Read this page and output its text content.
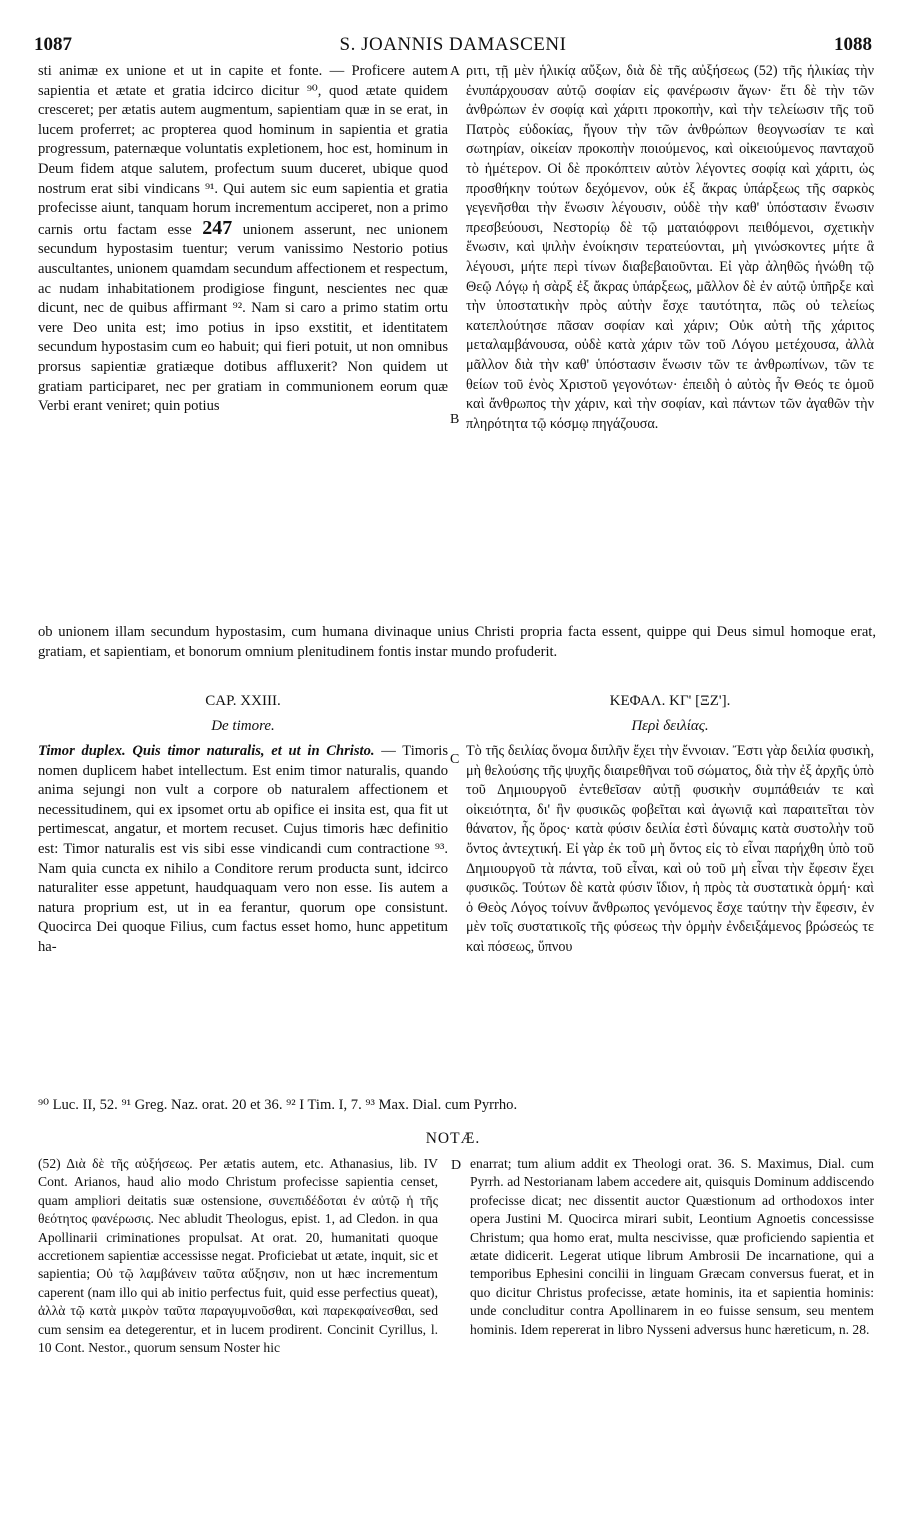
1087	S. JOANNIS DAMASCENI	1088
A
B
C
D

sti animæ ex unione et ut in capite et fonte. — Proficere autem sapientia et ætate et gratia idcirco dicitur ⁹⁰, quod ætate quidem cresceret; per ætatis autem augmentum, sapientiam quæ in se erat, in lucem proferret; ac propterea quod hominum in sapientia et gratia progressum, paternæque voluntatis expletionem, hoc est, hominum in Deum fidem atque salutem, profectum suum duceret, ubique quod nostrum erat sibi vindicans ⁹¹. Qui autem sic eum sapientia et gratia profecisse aiunt, tanquam horum incrementum acciperet, non a primo carnis ortu factam esse 247 unionem asserunt, nec unionem secundum hypostasim tuentur; verum vanissimo Nestorio potius auscultantes, unionem quamdam secundum affectionem et respectum, ac nudam inhabitationem prodigiose fingunt, nescientes nec quæ dicunt, nec de quibus affirmant ⁹². Nam si caro a primo statim ortu vere Deo unita est; imo potius in ipso exstitit, et identitatem secundum hypostasim cum eo habuit; qui fieri potuit, ut non omnibus prorsus sapientiæ gratiæque dotibus affluxerit? Non quidem ut gratiam participaret, nec per gratiam in communionem eorum quæ Verbi erant veniret; quin potius

ριτι, τῇ μὲν ἡλικίᾳ αὔξων, διὰ δὲ τῆς αὐξήσεως (52) τῆς ἡλικίας τὴν ἐνυπάρχουσαν αὐτῷ σοφίαν εἰς φανέρωσιν ἄγων· ἔτι δὲ τὴν τῶν ἀνθρώπων ἐν σοφίᾳ καὶ χάριτι προκοπὴν, καὶ τὴν τελείωσιν τῆς τοῦ Πατρὸς εὐδοκίας, ἤγουν τὴν τῶν ἀνθρώπων θεογνωσίαν τε καὶ σωτηρίαν, οἰκείαν προκοπὴν ποιούμενος, καὶ οἰκειούμενος πανταχοῦ τὸ ἡμέτερον. Οἱ δὲ προκόπτειν αὐτὸν λέγοντες σοφίᾳ καὶ χάριτι, ὡς προσθήκην τούτων δεχόμενον, οὐκ ἐξ ἄκρας ὑπάρξεως τῆς σαρκὸς γεγενῆσθαι τὴν ἕνωσιν λέγουσιν, οὐδὲ τὴν καθ' ὑπόστασιν ἕνωσιν πρεσβεύουσι, Νεστορίῳ δὲ τῷ ματαιόφρονι πειθόμενοι, σχετικὴν ἕνωσιν, καὶ ψιλὴν ἐνοίκησιν τερατεύονται, μὴ γινώσκοντες μήτε ἃ λέγουσι, μήτε περὶ τίνων διαβεβαιοῦνται. Εἰ γὰρ ἀληθῶς ἡνώθη τῷ Θεῷ Λόγῳ ἡ σὰρξ ἐξ ἄκρας ὑπάρξεως, μᾶλλον δὲ ἐν αὐτῷ ὑπῆρξε καὶ τὴν ὑποστατικὴν πρὸς αὐτὴν ἔσχε ταυτότητα, πῶς οὐ τελείως κατεπλούτησε πᾶσαν σοφίαν καὶ χάριν; Οὐκ αὐτὴ τῆς χάριτος μεταλαμβάνουσα, οὐδὲ κατὰ χάριν τῶν τοῦ Λόγου μετέχουσα, ἀλλὰ μᾶλλον διὰ τὴν καθ' ὑπόστασιν ἕνωσιν τῶν τε ἀνθρωπίνων, τῶν τε θείων τοῦ ἑνὸς Χριστοῦ γεγονότων· ἐπειδὴ ὁ αὐτὸς ἦν Θεός τε ὁμοῦ καὶ ἄνθρωπος τὴν χάριν, καὶ τὴν σοφίαν, καὶ πάντων τῶν ἀγαθῶν τὴν πληρότητα τῷ κόσμῳ πηγάζουσα.

ob unionem illam secundum hypostasim, cum humana divinaque unius Christi propria facta essent, quippe qui Deus simul homoque erat, gratiam, et sapientiam, et bonorum omnium plenitudinem fontis instar mundo profuderit.
CAP. XXIII.
De timore.
ΚΕΦΑΛ. ΚΓ' [ΞΖ'].
Περὶ δειλίας.

Timor duplex. Quis timor naturalis, et ut in Christo. — Timoris nomen duplicem habet intellectum. Est enim timor naturalis, quando anima sejungi non vult a corpore ob naturalem affectionem et necessitudinem, qui ex ipsomet ortu ab opifice ei insita est, qua fit ut pertimescat, angatur, et mortem recuset. Cujus timoris hæc definitio est: Timor naturalis est vis sibi esse vindicandi cum contractione ⁹³. Nam quia cuncta ex nihilo a Conditore rerum producta sunt, idcirco naturaliter esse appetunt, haudquaquam vero non esse. Iis autem a natura proprium est, ut in ea ferantur, quorum ope consistunt. Quocirca Dei quoque Filius, cum factus esset homo, hunc appetitum ha-

Τὸ τῆς δειλίας ὄνομα διπλῆν ἔχει τὴν ἔννοιαν. Ἔστι γὰρ δειλία φυσικὴ, μὴ θελούσης τῆς ψυχῆς διαιρεθῆναι τοῦ σώματος, διὰ τὴν ἐξ ἀρχῆς ὑπὸ τοῦ Δημιουργοῦ ἐντεθεῖσαν αὐτῇ φυσικὴν συμπάθειάν τε καὶ οἰκειότητα, δι' ἣν φυσικῶς φοβεῖται καὶ ἀγωνιᾷ καὶ παραιτεῖται τὸν θάνατον, ἧς ὅρος· κατὰ φύσιν δειλία ἐστὶ δύναμις κατὰ συστολὴν τοῦ ὄντος ἀντεχτική. Εἰ γὰρ ἐκ τοῦ μὴ ὄντος εἰς τὸ εἶναι παρήχθη ὑπὸ τοῦ Δημιουργοῦ τὰ πάντα, τοῦ εἶναι, καὶ οὐ τοῦ μὴ εἶναι τὴν ἔφεσιν ἔχει φυσικῶς. Τούτων δὲ κατὰ φύσιν ἴδιον, ἡ πρὸς τὰ συστατικὰ ὁρμή· καὶ ὁ Θεὸς Λόγος τοίνυν ἄνθρωπος γενόμενος ἔσχε ταύτην τὴν ἔφεσιν, ἐν μὲν τοῖς συστατικοῖς τῆς φύσεως τὴν ὁρμὴν ἐνδειξάμενος βρώσεώς τε καὶ πόσεως, ὕπνου

⁹⁰ Luc. II, 52. ⁹¹ Greg. Naz. orat. 20 et 36. ⁹² I Tim. I, 7. ⁹³ Max. Dial. cum Pyrrho.
NOTÆ.
(52) Διὰ δὲ τῆς αὐξήσεως. Per ætatis autem, etc. Athanasius, lib. IV Cont. Arianos, haud alio modo Christum profecisse sapientia censet, quam ampliori deitatis suæ ostensione, συνεπιδέδοται ἐν αὐτῷ ἡ τῆς θεότητος φανέρωσις. Nec abludit Theologus, epist. 1, ad Cledon. in qua Apollinarii criminationes propulsat. At orat. 20, humanitati quoque accretionem sapientiæ accessisse negat. Proficiebat ut ætate, inquit, sic et sapientia; Οὐ τῷ λαμβάνειν ταῦτα αὔξησιν, non ut hæc incrementum caperent (nam illo qui ab initio perfectus fuit, quid esse perfectius queat), ἀλλὰ τῷ κατὰ μικρὸν ταῦτα παραγυμνοῦσθαι, καὶ παρεκφαίνεσθαι, sed cum sensim ea detegerentur, et in lucem prodirent. Concinit Cyrillus, l. 10 Cont. Nestor., quorum sensum Noster hic
enarrat; tum alium addit ex Theologi orat. 36. S. Maximus, Dial. cum Pyrrh. ad Nestorianam labem accedere ait, quisquis Dominum addiscendo profecisse dicat; nec dissentit auctor Quæstionum ad orthodoxos inter opera Justini M. Quocirca mirari subit, Leontium Agnoetis concessisse Christum; qua homo erat, multa nescivisse, quæ proficiendo sapientia et ætate didicerit. Legerat utique librum Ambrosii De incarnatione, qui a temporibus Ephesini concilii in linguam Græcam conversus fuerat, et in quo dicitur Christus profecisse, ætate hominis, ita et sapientia hominis: unde concluditur contra Apollinarem in eo fuisse sensum, seu mentem hominis. Idem repererat in libro Nysseni adversus hunc hæreticum, n. 28.
